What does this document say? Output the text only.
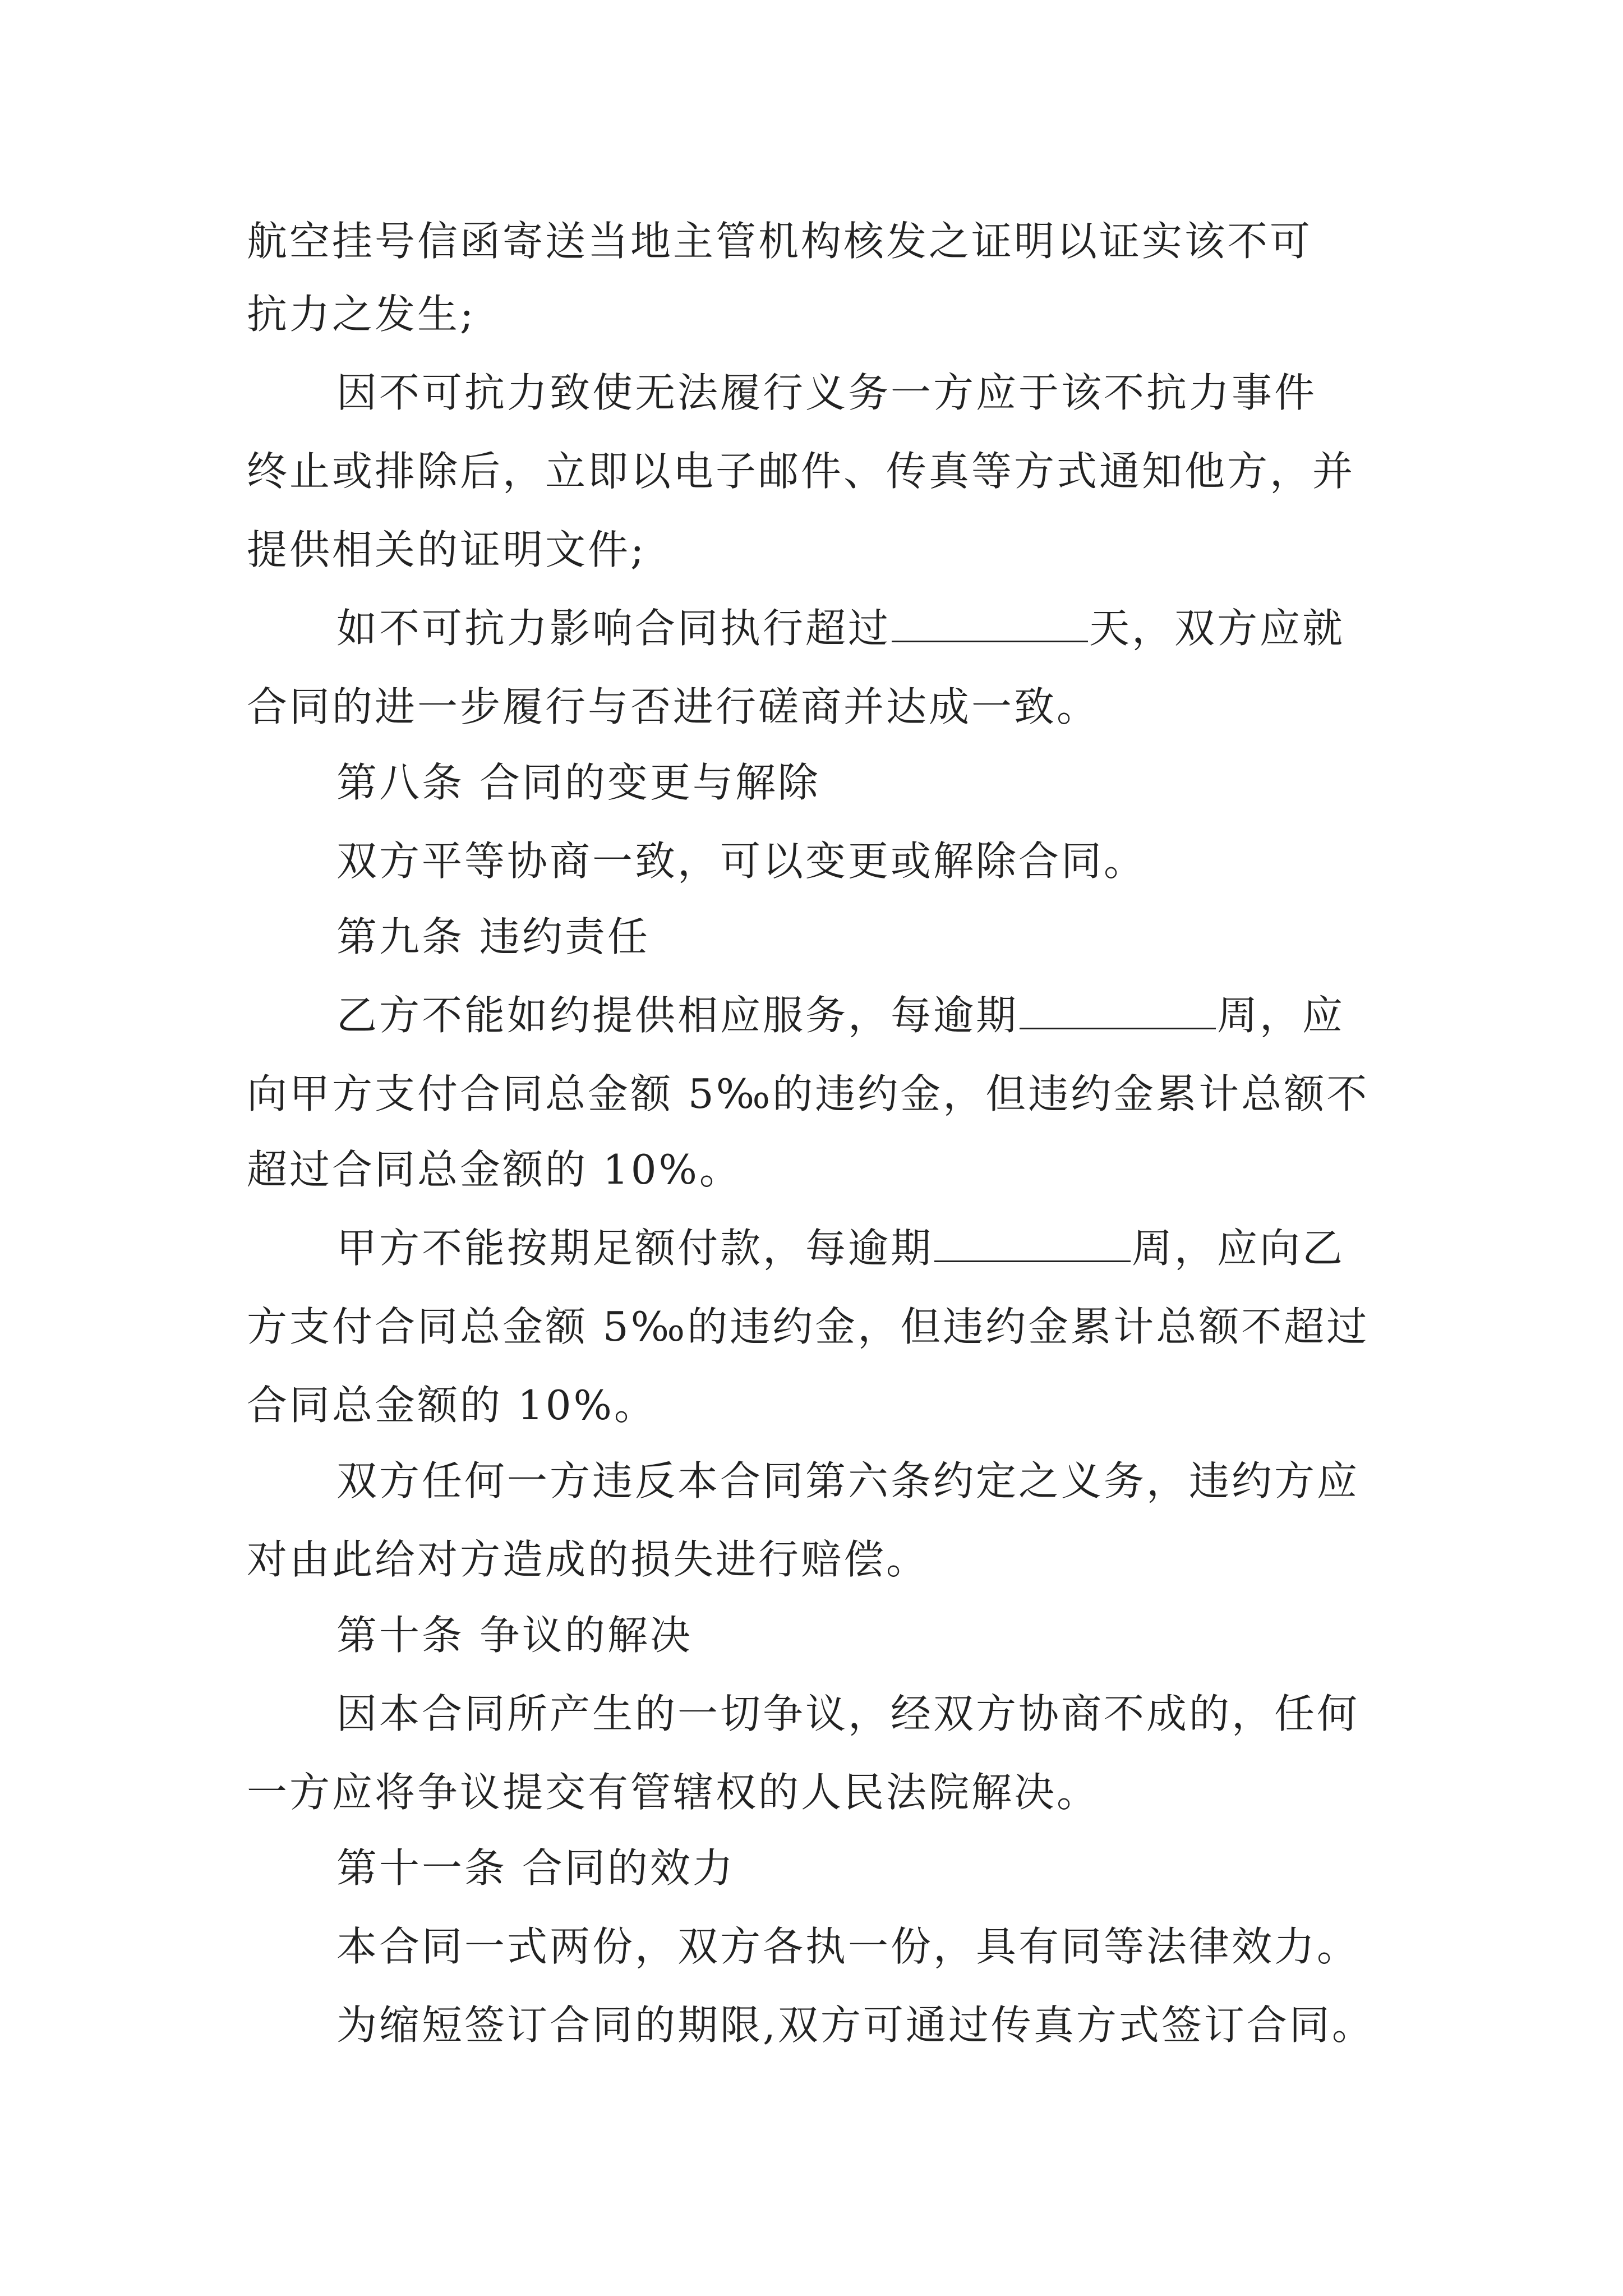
航空挂号信函寄送当地主管机构核发之证明以证实该不可
抗力之发生;
因不可抗力致使无法履行义务一方应于该不抗力事件
终止或排除后，立即以电子邮件、传真等方式通知他方，并
提供相关的证明文件;
如不可抗力影响合同执行超过	天，双方应就
合同的进一步履行与否进行磋商并达成一致。
第八条 合同的变更与解除
双方平等协商一致，可以变更或解除合同。
第九条 违约责任
乙方不能如约提供相应服务，每逾期	周，应
向甲方支付合同总金额 5‰的违约金，但违约金累计总额不
超过合同总金额的 10%。
甲方不能按期足额付款，每逾期	周，应向乙
方支付合同总金额 5‰的违约金，但违约金累计总额不超过
合同总金额的 10%。
双方任何一方违反本合同第六条约定之义务，违约方应
对由此给对方造成的损失进行赔偿。
第十条 争议的解决
因本合同所产生的一切争议，经双方协商不成的，任何
一方应将争议提交有管辖权的人民法院解决。
第十一条 合同的效力
本合同一式两份，双方各执一份，具有同等法律效力。
为缩短签订合同的期限,双方可通过传真方式签订合同。
